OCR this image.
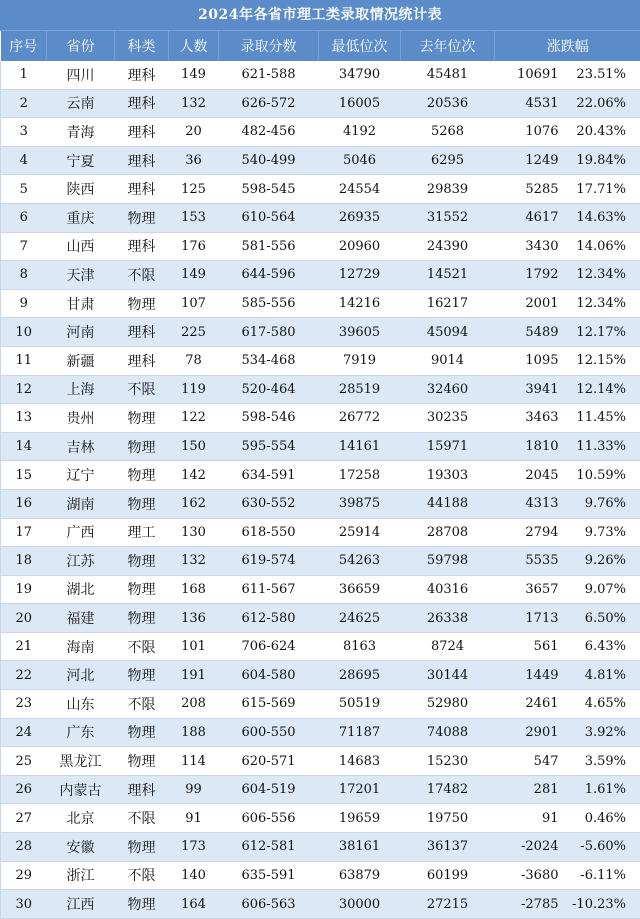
2024年各省市理工类录取情况统计表
序号	省份	科类	人数	录取分数	最低位次	去年位次	涨跌幅	
1	四川	理科	149	621-588	34790	45481	10691	23.51%
2	云南	理科	132	626-572	16005	20536	4531	22.06%
3	青海	理科	20	482-456	4192	5268	1076	20.43%
4	宁夏	理科	36	540-499	5046	6295	1249	19.84%
5	陕西	理科	125	598-545	24554	29839	5285	17.71%
6	重庆	物理	153	610-564	26935	31552	4617	14.63%
7	山西	理科	176	581-556	20960	24390	3430	14.06%
8	天津	不限	149	644-596	12729	14521	1792	12.34%
9	甘肃	物理	107	585-556	14216	16217	2001	12.34%
10	河南	理科	225	617-580	39605	45094	5489	12.17%
11	新疆	理科	78	534-468	7919	9014	1095	12.15%
12	上海	不限	119	520-464	28519	32460	3941	12.14%
13	贵州	物理	122	598-546	26772	30235	3463	11.45%
14	吉林	物理	150	595-554	14161	15971	1810	11.33%
15	辽宁	物理	142	634-591	17258	19303	2045	10.59%
16	湖南	物理	162	630-552	39875	44188	4313	9.76%
17	广西	理工	130	618-550	25914	28708	2794	9.73%
18	江苏	物理	132	619-574	54263	59798	5535	9.26%
19	湖北	物理	168	611-567	36659	40316	3657	9.07%
20	福建	物理	136	612-580	24625	26338	1713	6.50%
21	海南	不限	101	706-624	8163	8724	561	6.43%
22	河北	物理	191	604-580	28695	30144	1449	4.81%
23	山东	不限	208	615-569	50519	52980	2461	4.65%
24	广东	物理	188	600-550	71187	74088	2901	3.92%
25	黑龙江	物理	114	620-571	14683	15230	547	3.59%
26	内蒙古	理科	99	604-519	17201	17482	281	1.61%
27	北京	不限	91	606-556	19659	19750	91	0.46%
28	安徽	物理	173	612-581	38161	36137	-2024	-5.60%
29	浙江	不限	140	635-591	63879	60199	-3680	-6.11%
30	江西	物理	164	606-563	30000	27215	-2785	-10.23%
